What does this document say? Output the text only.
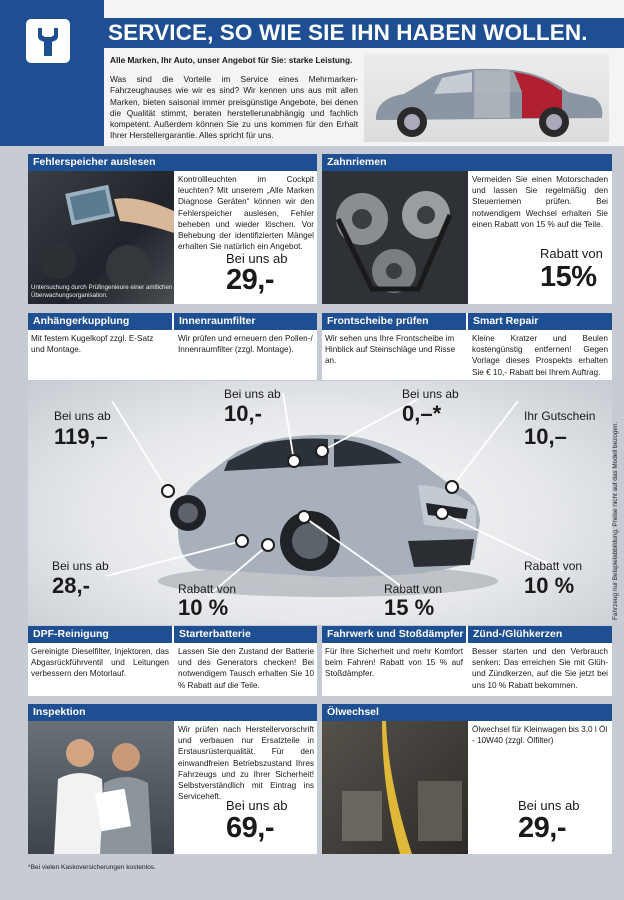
SERVICE, SO WIE SIE IHN HABEN WOLLEN.
Alle Marken, Ihr Auto, unser Angebot für Sie: starke Leistung.
Was sind die Vorteile im Service eines Mehrmarken-Fahrzeughauses wie wir es sind? Wir kennen uns aus mit allen Marken, bieten saisonal immer preisgünstige Angebote, bei denen die Qualität stimmt, beraten herstellerunabhängig und fachlich kompetent. Außerdem können Sie zu uns kommen für den Erhalt Ihrer Herstellergarantie. Alles spricht für uns.
Fehlerspeicher auslesen
Untersuchung durch Prüfingenieure einer amtlichen Überwachungsorganisation.
Kontrollleuchten im Cockpit leuchten? Mit unserem „Alle Marken Diagnose Geräten“ können wir den Fehlerspeicher auslesen, Fehler beheben und wieder löschen. Vor Behebung der identifizierten Mängel erhalten Sie natürlich ein Angebot.
Bei uns ab
29,-
Zahnriemen
Vermeiden Sie einen Motorschaden und lassen Sie regelmäßig den Steuerriemen prüfen. Bei notwendigem Wechsel erhalten Sie einen Rabatt von 15 % auf die Teile.
Rabatt von
15%
Anhängerkupplung	Innenraumfilter
Mit festem Kugelkopf zzgl. E-Satz und Montage.
Wir prüfen und erneuern den Pollen-/ Innenraumfilter (zzgl. Montage).
Frontscheibe prüfen	Smart Repair
Wir sehen uns Ihre Frontscheibe im Hinblick auf Steinschläge und Risse an.
Kleine Kratzer und Beulen kostengünstig entfernen! Gegen Vorlage dieses Prospekts erhalten Sie € 10,- Rabatt bei Ihrem Auftrag.
Bei uns ab
119,–
Bei uns ab
10,-
Bei uns ab
0,–*	Ihr Gutschein
10,–
Bei uns ab
28,-	Rabatt von
10 %
Rabatt von
15 %
Rabatt von
10 %	Fahrzeug nur Beispielabbildung. Preise nicht auf das Modell bezogen.
DPF-Reinigung	Starterbatterie
Gereinigte Dieselfilter, Injektoren, das Abgasrückführventil und Leitungen verbessern den Motorlauf.
Lassen Sie den Zustand der Batterie und des Generators checken! Bei notwendigem Tausch erhalten Sie 10 % Rabatt auf die Teile.
Fahrwerk und Stoßdämpfer Zünd-/Glühkerzen
Für Ihre Sicherheit und mehr Komfort beim Fahren! Rabatt von 15 % auf Stoßdämpfer.
Besser starten und den Verbrauch senken: Das erreichen Sie mit Glüh- und Zündkerzen, auf die Sie jetzt bei uns 10 % Rabatt bekommen.
Inspektion
Wir prüfen nach Herstellervorschrift und verbauen nur Ersatzteile in Erstausrüsterqualität. Für den einwandfreien Betriebszustand Ihres Fahrzeugs und zu Ihrer Sicherheit! Selbstverständlich mit Eintrag ins Serviceheft.
Bei uns ab
69,-
Ölwechsel
Ölwechsel für Kleinwagen bis 3,0 l Öl - 10W40 (zzgl. Ölfilter)
Bei uns ab
29,-
*Bei vielen Kaskoversicherungen kostenlos.
